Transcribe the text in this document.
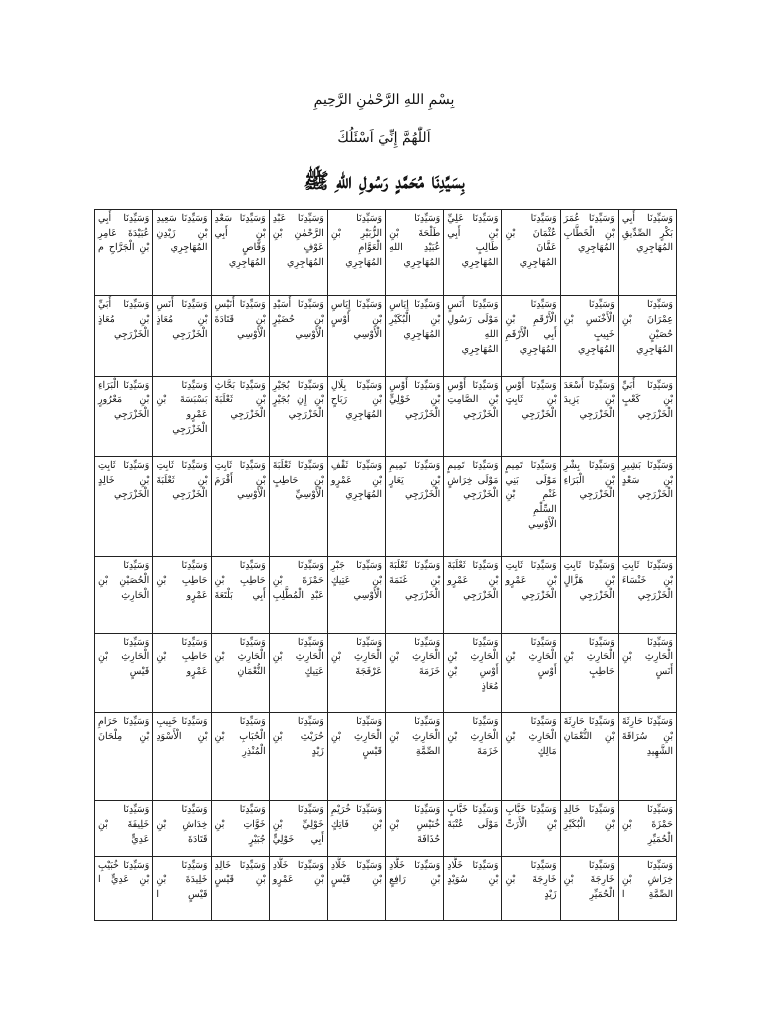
بِسْمِ اللهِ الرَّحْمٰنِ الرَّحِيمِ
اَللّٰهُمَّ إِنِّيَ اَسْئَلُكَ
بِسَيِّدِنَا مُحَمَّدٍ رَسُولِ اللهِ ﷺ
وَسَيِّدِنَا أَبِي بَكْرٍ الصِّدِّيقِ المُهَاجِرِي	وَسَيِّدِنَا عُمَرَ بْنِ الْخَطَّابِ المُهَاجِرِي	وَسَيِّدِنَا عُثْمَانَ بْنِ عَفَّانَ المُهَاجِرِي	وَسَيِّدِنَا عَلِيِّ بْنِ أَبِي طَالِبٍ المُهَاجِرِي	وَسَيِّدِنَا طَلْحَةَ بْنِ عُبَيْدِ اللهِ المُهَاجِرِي	وَسَيِّدِنَا الزُّبَيْرِ بْنِ الْعَوَّامِ المُهَاجِرِي	وَسَيِّدِنَا عَبْدِ الرَّحْمٰنِ بْنِ عَوْفٍ المُهَاجِرِي	وَسَيِّدِنَا سَعْدِ بْنِ أَبِي وَقَّاصٍ المُهَاجِرِي	وَسَيِّدِنَا سَعِيدِ بْنِ زَيْدِنِ المُهَاجِرِي	وَسَيِّدِنَا أَبِي عُبَيْدَةَ عَامِرِ بْنِ الْجَرَّاحِ م

وَسَيِّدِنَا عِمْرَانَ بْنِ حُصَيْنٍ المُهَاجِرِي	وَسَيِّدِنَا الْأَخْنَسِ بْنِ خَبِيبٍ المُهَاجِرِي	وَسَيِّدِنَا الْأَرْقَمِ بْنِ أَبِي الْأَرْقَمِ المُهَاجِرِي	وَسَيِّدِنَا أَنَسٍ مَوْلَى رَسُولِ اللهِ المُهَاجِرِي	وَسَيِّدِنَا إِيَاسِ بْنِ الْبُكَيْرِ المُهَاجِرِي	وَسَيِّدِنَا إِيَاسِ بْنِ أَوْسٍ الْأَوْسِي	وَسَيِّدِنَا أُسَيْدِ بْنِ حُضَيْرٍ الْأَوْسِي	وَسَيِّدِنَا أُنَيْسِ بْنِ قَتَادَةَ الْأَوْسِي	وَسَيِّدِنَا أَنَسِ بْنِ مُعَاذٍ الْخَزْرَجِي	وَسَيِّدِنَا أُبَيِّ بْنِ مُعَاذٍ الْخَزْرَجِي

وَسَيِّدِنَا أُبَيِّ بْنِ كَعْبٍ الْخَزْرَجِي	وَسَيِّدِنَا أَسْعَدَ بْنِ يَزِيدَ الْخَزْرَجِي	وَسَيِّدِنَا أَوْسِ بْنِ ثَابِتٍ الْخَزْرَجِي	وَسَيِّدِنَا أَوْسِ بْنِ الصَّامِتِ الْخَزْرَجِي	وَسَيِّدِنَا أَوْسِ بْنِ خَوْلِيٍّ الْخَزْرَجِي	وَسَيِّدِنَا بِلَالِ بْنِ رَبَاحٍ المُهَاجِرِي	وَسَيِّدِنَا بُجَيْرِ بْنِ إِنِ بُجَيْرٍ الْخَزْرَجِي	وَسَيِّدِنَا بَحَّاثِ بْنِ ثَعْلَبَةَ الْخَزْرَجِي	وَسَيِّدِنَا بَسْبَسَةَ بْنِ عَمْرٍو الْخَزْرَجِي	وَسَيِّدِنَا الْبَرَاءِ بْنِ مَعْرُورٍ الْخَزْرَجِي

وَسَيِّدِنَا بَشِيرِ بْنِ سَعْدٍ الْخَزْرَجِي	وَسَيِّدِنَا بِشْرِ بْنِ الْبَرَاءِ الْخَزْرَجِي	وَسَيِّدِنَا تَمِيمٍ مَوْلَى بَنِي غَنْمِ بْنِ السِّلْمِ الْأَوْسِي	وَسَيِّدِنَا تَمِيمٍ مَوْلَى خِرَاشٍ الْخَزْرَجِي	وَسَيِّدِنَا تَمِيمِ بْنِ يَعَارٍ الْخَزْرَجِي	وَسَيِّدِنَا ثَقْفِ بْنِ عَمْرٍو المُهَاجِرِي	وَسَيِّدِنَا ثَعْلَبَةَ بْنِ حَاطِبٍ الْأَوْسِيِّ	وَسَيِّدِنَا ثَابِتِ بْنِ أَقْرَمَ الْأَوْسِي	وَسَيِّدِنَا ثَابِتِ بْنِ ثَعْلَبَةَ الْخَزْرَجِي	وَسَيِّدِنَا ثَابِتِ بْنِ خَالِدٍ الْخَزْرَجِي

وَسَيِّدِنَا ثَابِتِ بْنِ خَنْسَاءَ الْخَزْرَجِي	وَسَيِّدِنَا ثَابِتِ بْنِ هَزَّالٍ الْخَزْرَجِي	وَسَيِّدِنَا ثَابِتِ بْنِ عَمْرٍو الْخَزْرَجِي	وَسَيِّدِنَا ثَعْلَبَةَ بْنِ عَمْرٍو الْخَزْرَجِي	وَسَيِّدِنَا ثَعْلَبَةَ بْنِ غَنَمَةَ الْخَزْرَجِي	وَسَيِّدِنَا جَبْرِ بْنِ عَتِيكٍ الْأَوْسِي	وَسَيِّدِنَا حَمْزَةَ بْنِ عَبْدِ الْمُطَّلِبِ	وَسَيِّدِنَا حَاطِبِ بْنِ أَبِي بَلْتَعَةَ	وَسَيِّدِنَا حَاطِبِ بْنِ عَمْرٍو	وَسَيِّدِنَا الْحُصَيْنِ بْنِ الْحَارِثِ

وَسَيِّدِنَا الْحَارِثِ بْنِ أَنَسٍ	وَسَيِّدِنَا الْحَارِثِ بْنِ حَاطِبٍ	وَسَيِّدِنَا الْحَارِثِ بْنِ أَوْسٍ	وَسَيِّدِنَا الْحَارِثِ بْنِ أَوْسِ بْنِ مُعَاذٍ	وَسَيِّدِنَا الْحَارِثِ بْنِ خَزَمَةَ	وَسَيِّدِنَا الْحَارِثِ بْنِ عَرْفَجَةَ	وَسَيِّدِنَا الْحَارِثِ بْنِ عَتِيكٍ	وَسَيِّدِنَا الْحَارِثِ بْنِ النُّعْمَانِ	وَسَيِّدِنَا حَاطِبِ بْنِ عَمْرٍو	وَسَيِّدِنَا الْحَارِثِ بْنِ قَيْسٍ

وَسَيِّدِنَا حَارِثَةَ بْنِ سُرَاقَةَ الشَّهِيدِ	وَسَيِّدِنَا حَارِثَةَ بْنِ النُّعْمَانِ	وَسَيِّدِنَا الْحَارِثِ بْنِ مَالِكٍ	وَسَيِّدِنَا الْحَارِثِ بْنِ خَزَمَةَ	وَسَيِّدِنَا الْحَارِثِ بْنِ الصِّمَّةِ	وَسَيِّدِنَا الْحَارِثِ بْنِ قَيْسٍ	وَسَيِّدِنَا حُرَيْثِ بْنِ زَيْدٍ	وَسَيِّدِنَا الْحُبَابِ بْنِ الْمُنْذِرِ	وَسَيِّدِنَا خَبِيبِ بْنِ الْأَسْوَدِ	وَسَيِّدِنَا حَرَامِ بْنِ مِلْحَانَ

وَسَيِّدِنَا حَمْزَةَ بْنِ الْحُمَيِّرِ	وَسَيِّدِنَا خَالِدِ بْنِ الْبُكَيْرِ	وَسَيِّدِنَا خَبَّابِ بْنِ الْأَرَتِّ	وَسَيِّدِنَا خَبَّابٍ مَوْلَى عُتْبَةَ	وَسَيِّدِنَا خُنَيْسِ بْنِ حُذَافَةَ	وَسَيِّدِنَا خُرَيْمِ بْنِ فَاتِكٍ	وَسَيِّدِنَا خَوْلِيِّ بْنِ أَبِي خَوْلِيٍّ	وَسَيِّدِنَا خَوَّاتِ بْنِ جُبَيْرٍ	وَسَيِّدِنَا خِدَاشِ بْنِ قَتَادَةَ	وَسَيِّدِنَا خَلِيفَةَ بْنِ عَدِيٍّ

وَسَيِّدِنَا خِرَاشِ بْنِ الصِّمَّةِ ا	وَسَيِّدِنَا خَارِجَةَ بْنِ الْحُمَيِّرِ	وَسَيِّدِنَا خَارِجَةَ بْنِ زَيْدٍ	وَسَيِّدِنَا خَلَّادِ بْنِ سُوَيْدٍ	وَسَيِّدِنَا خَلَّادِ بْنِ رَافِعٍ	وَسَيِّدِنَا خَلَّادِ بْنِ قَيْسٍ	وَسَيِّدِنَا خَلَّادِ بْنِ عَمْرٍو	وَسَيِّدِنَا خَالِدِ بْنِ قَيْسٍ	وَسَيِّدِنَا خَلِيدَةَ بْنِ قَيْسٍ ا	وَسَيِّدِنَا خُبَيْبِ بْنِ عَدِيٍّ ا
